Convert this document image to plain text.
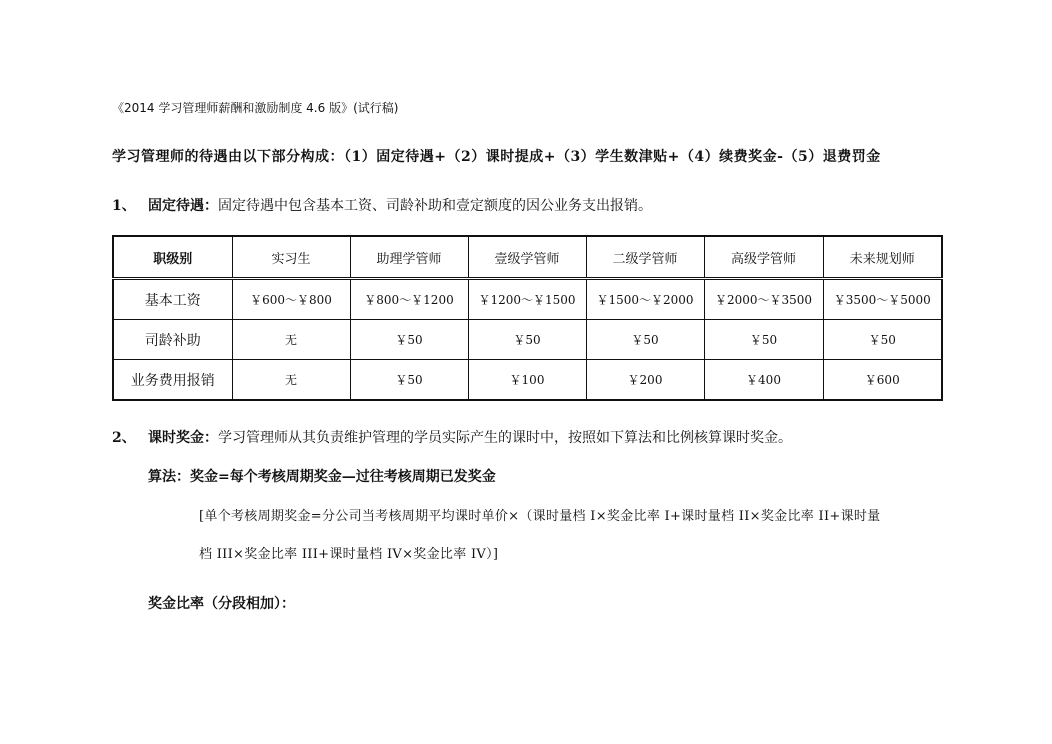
《2014 学习管理师薪酬和激励制度 4.6 版》(试行稿)
学习管理师的待遇由以下部分构成：（1）固定待遇+（2）课时提成+（3）学生数津贴+（4）续费奖金-（5）退费罚金
1、 固定待遇：固定待遇中包含基本工资、司龄补助和壹定额度的因公业务支出报销。
职级别	实习生	助理学管师	壹级学管师	二级学管师	高级学管师	未来规划师
基本工资	￥600～￥800	￥800～￥1200	￥1200～￥1500	￥1500～￥2000	￥2000～￥3500	￥3500～￥5000
司龄补助	无	￥50	￥50	￥50	￥50	￥50
业务费用报销	无	￥50	￥100	￥200	￥400	￥600
2、 课时奖金：学习管理师从其负责维护管理的学员实际产生的课时中，按照如下算法和比例核算课时奖金。
算法：奖金=每个考核周期奖金—过往考核周期已发奖金
[单个考核周期奖金=分公司当考核周期平均课时单价×（课时量档 I×奖金比率 I+课时量档 II×奖金比率 II+课时量
档 III×奖金比率 III+课时量档 IV×奖金比率 IV）]
奖金比率（分段相加）：
